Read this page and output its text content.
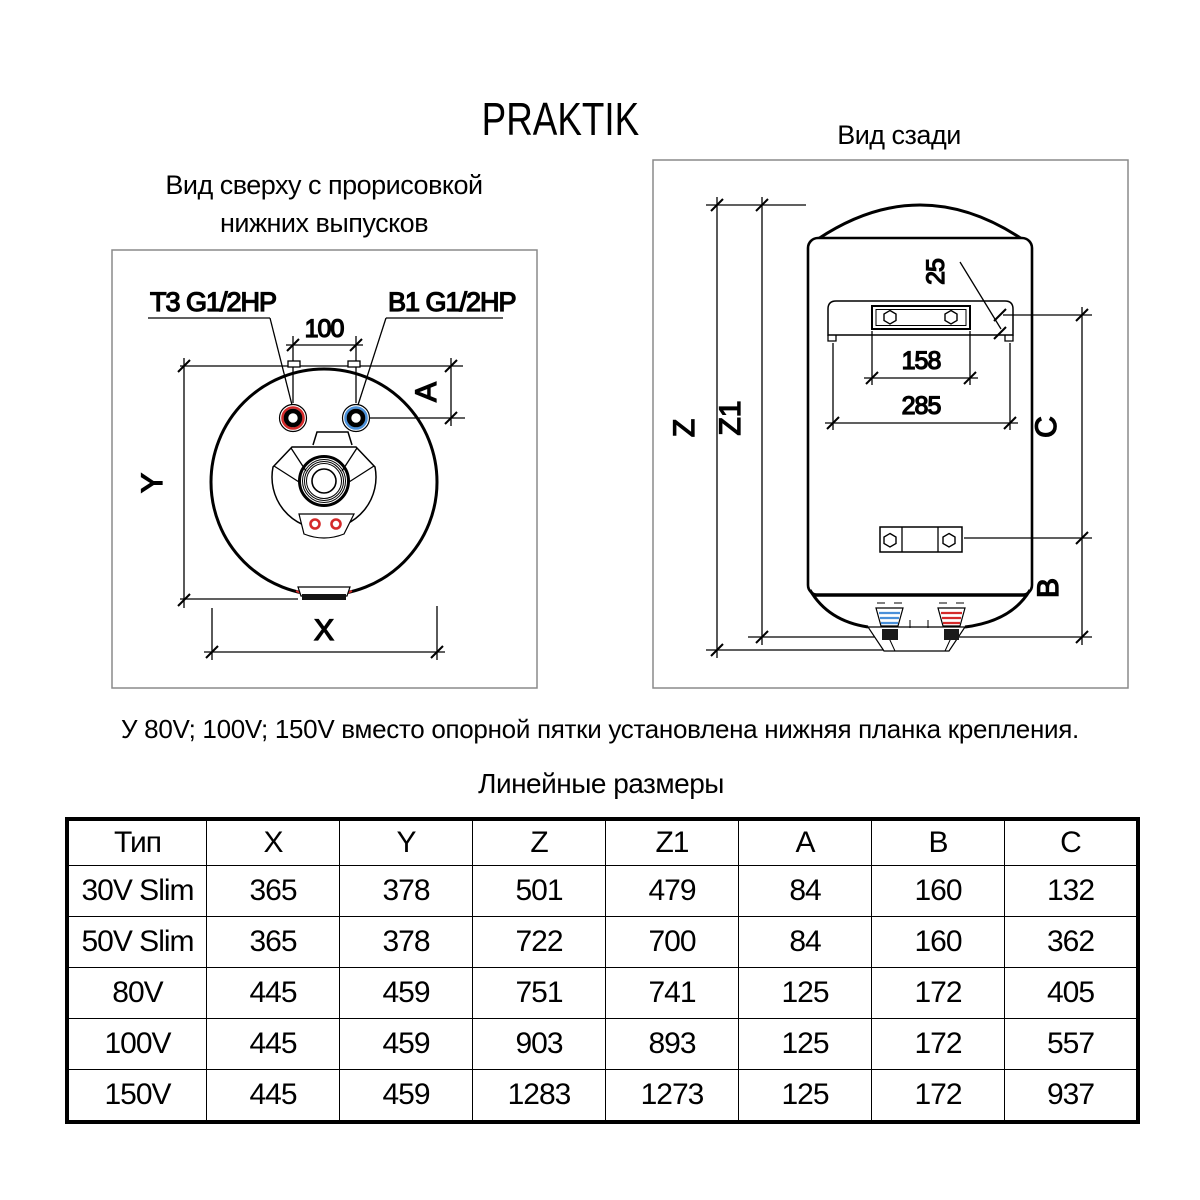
T3 G1/2HP	B1 G1/2HP
100
Y
A
X
Z Z1
25
158
285
C
B
PRAKTIK	Вид сзади
Вид сверху с прорисовкой
нижних выпусков
У 80V; 100V; 150V вместо опорной пятки установлена нижняя планка крепления.
Линейные размеры
Тип	X	Y	Z	Z1	A	B	C
30V Slim	365	378	501	479	84	160	132
50V Slim	365	378	722	700	84	160	362
80V	445	459	751	741	125	172	405
100V	445	459	903	893	125	172	557
150V	445	459	1283	1273	125	172	937
